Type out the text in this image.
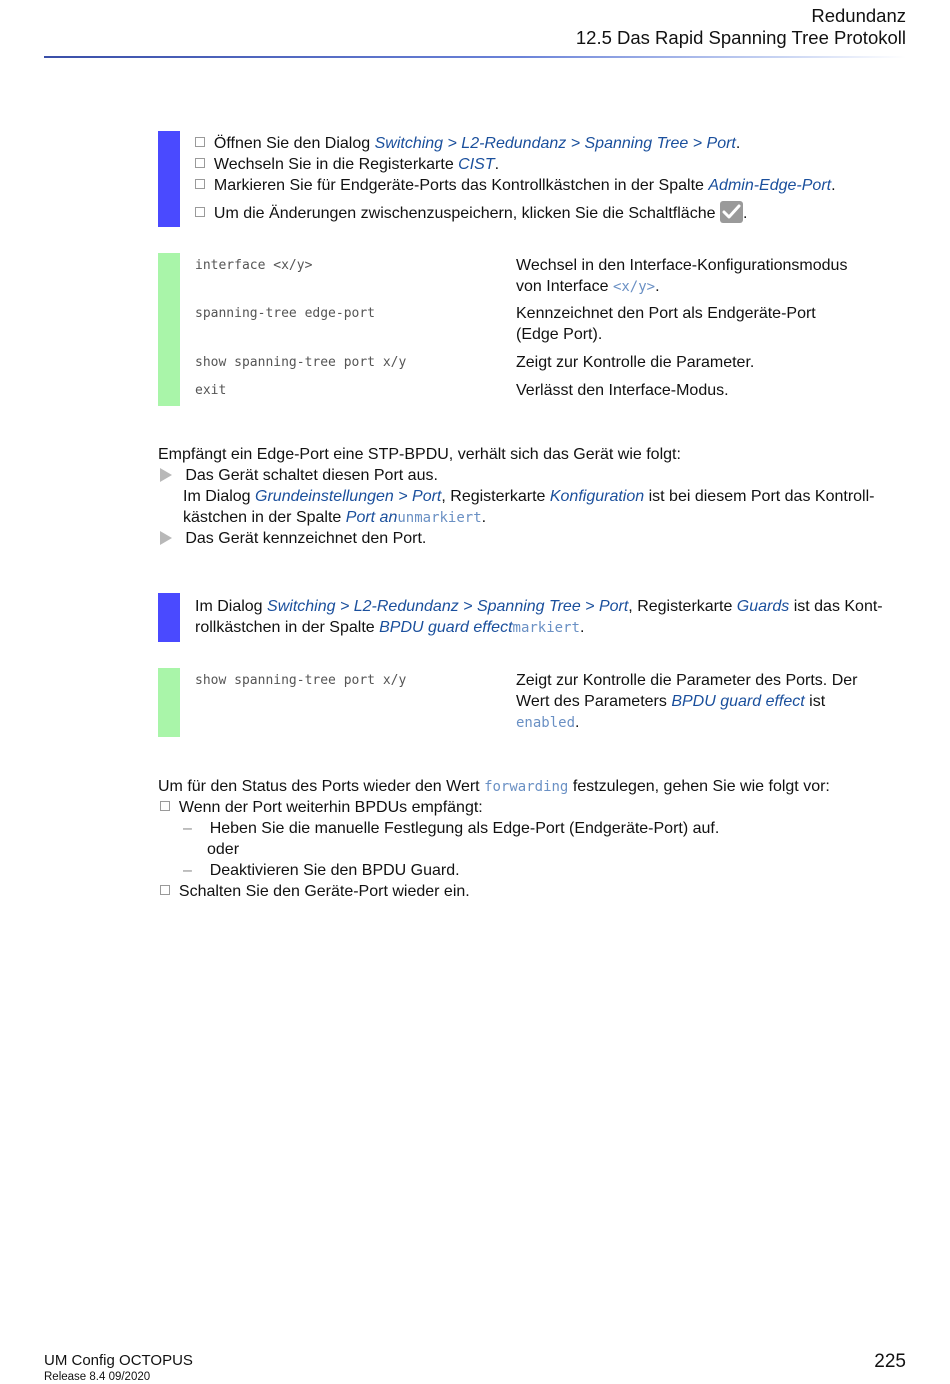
Redundanz
12.5 Das Rapid Spanning Tree Protokoll
Öffnen Sie den Dialog Switching > L2-Redundanz > Spanning Tree > Port.
Wechseln Sie in die Registerkarte CIST.
Markieren Sie für Endgeräte-Ports das Kontrollkästchen in der Spalte Admin-Edge-Port.
Um die Änderungen zwischenzuspeichern, klicken Sie die Schaltfläche
.
interface <x/y>	Wechsel in den Interface-Konfigurationsmodus
von Interface <x/y>.
spanning-tree edge-port	Kennzeichnet den Port als Endgeräte-Port
(Edge Port).
show spanning-tree port x/y	Zeigt zur Kontrolle die Parameter.
exit	Verlässt den Interface-Modus.
Empfängt ein Edge-Port eine STP-BPDU, verhält sich das Gerät wie folgt:
Das Gerät schaltet diesen Port aus.
Im Dialog Grundeinstellungen > Port, Registerkarte Konfiguration ist bei diesem Port das Kontroll-
kästchen in der Spalte Port anunmarkiert.
Das Gerät kennzeichnet den Port.
Im Dialog Switching > L2-Redundanz > Spanning Tree > Port, Registerkarte Guards ist das Kont-
rollkästchen in der Spalte BPDU guard effectmarkiert.
show spanning-tree port x/y	Zeigt zur Kontrolle die Parameter des Ports. Der
Wert des Parameters BPDU guard effect ist
enabled.
Um für den Status des Ports wieder den Wert forwarding festzulegen, gehen Sie wie folgt vor:
Wenn der Port weiterhin BPDUs empfängt:
– Heben Sie die manuelle Festlegung als Edge-Port (Endgeräte-Port) auf.
oder
– Deaktivieren Sie den BPDU Guard.
Schalten Sie den Geräte-Port wieder ein.
UM Config OCTOPUS
Release 8.4 09/2020
225
